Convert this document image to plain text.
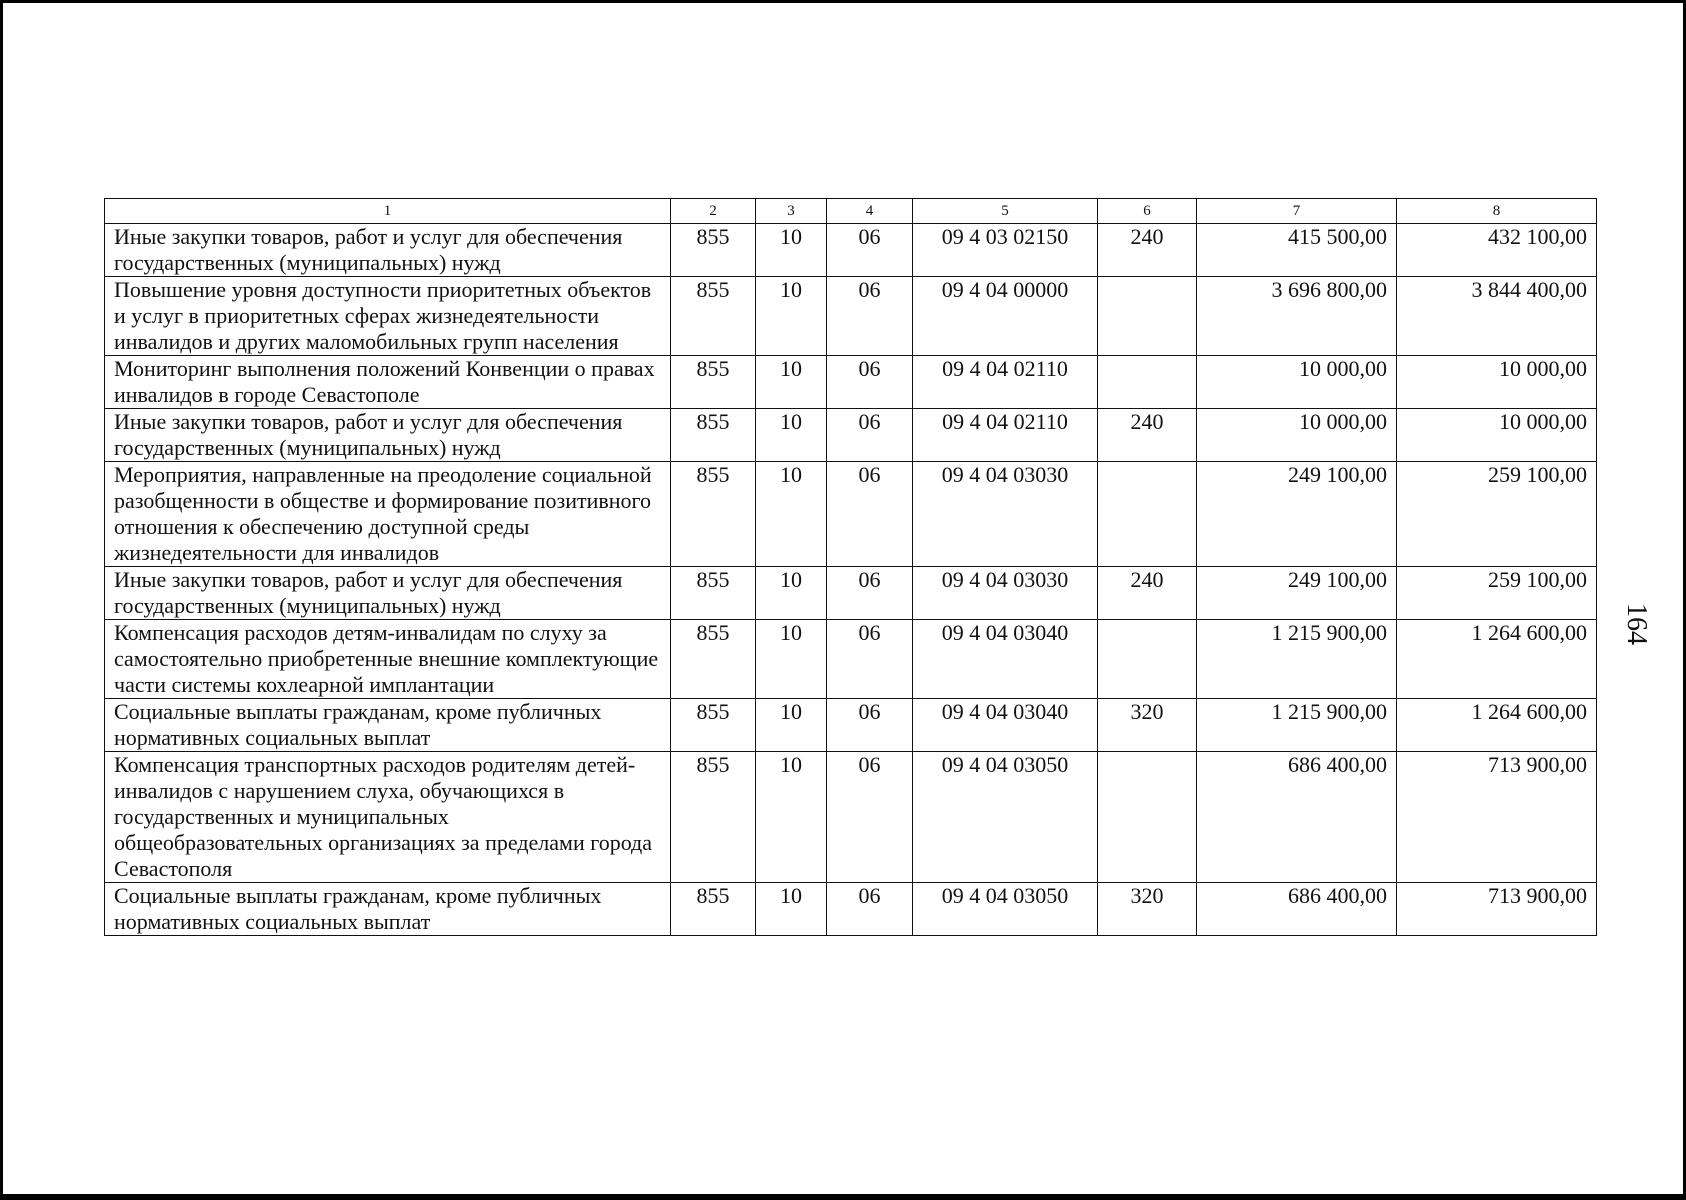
1	2	3	4	5	6	7	8
Иные закупки товаров, работ и услуг для обеспечения государственных (муниципальных) нужд	855	10	06	09 4 03 02150	240	415 500,00	432 100,00
Повышение уровня доступности приоритетных объектов и услуг в приоритетных сферах жизнедеятельности инвалидов и других маломобильных групп населения	855	10	06	09 4 04 00000		3 696 800,00	3 844 400,00
Мониторинг выполнения положений Конвенции о правах инвалидов в городе Севастополе	855	10	06	09 4 04 02110		10 000,00	10 000,00
Иные закупки товаров, работ и услуг для обеспечения государственных (муниципальных) нужд	855	10	06	09 4 04 02110	240	10 000,00	10 000,00
Мероприятия, направленные на преодоление социальной разобщенности в обществе и формирование позитивного отношения к обеспечению доступной среды жизнедеятельности для инвалидов	855	10	06	09 4 04 03030		249 100,00	259 100,00
Иные закупки товаров, работ и услуг для обеспечения государственных (муниципальных) нужд	855	10	06	09 4 04 03030	240	249 100,00	259 100,00
Компенсация расходов детям-инвалидам по слуху за самостоятельно приобретенные внешние комплектующие части системы кохлеарной имплантации	855	10	06	09 4 04 03040		1 215 900,00	1 264 600,00
Социальные выплаты гражданам, кроме публичных нормативных социальных выплат	855	10	06	09 4 04 03040	320	1 215 900,00	1 264 600,00
Компенсация транспортных расходов родителям детей-инвалидов с нарушением слуха, обучающихся в государственных и муниципальных общеобразовательных организациях за пределами города Севастополя	855	10	06	09 4 04 03050		686 400,00	713 900,00
Социальные выплаты гражданам, кроме публичных нормативных социальных выплат	855	10	06	09 4 04 03050	320	686 400,00	713 900,00
164
